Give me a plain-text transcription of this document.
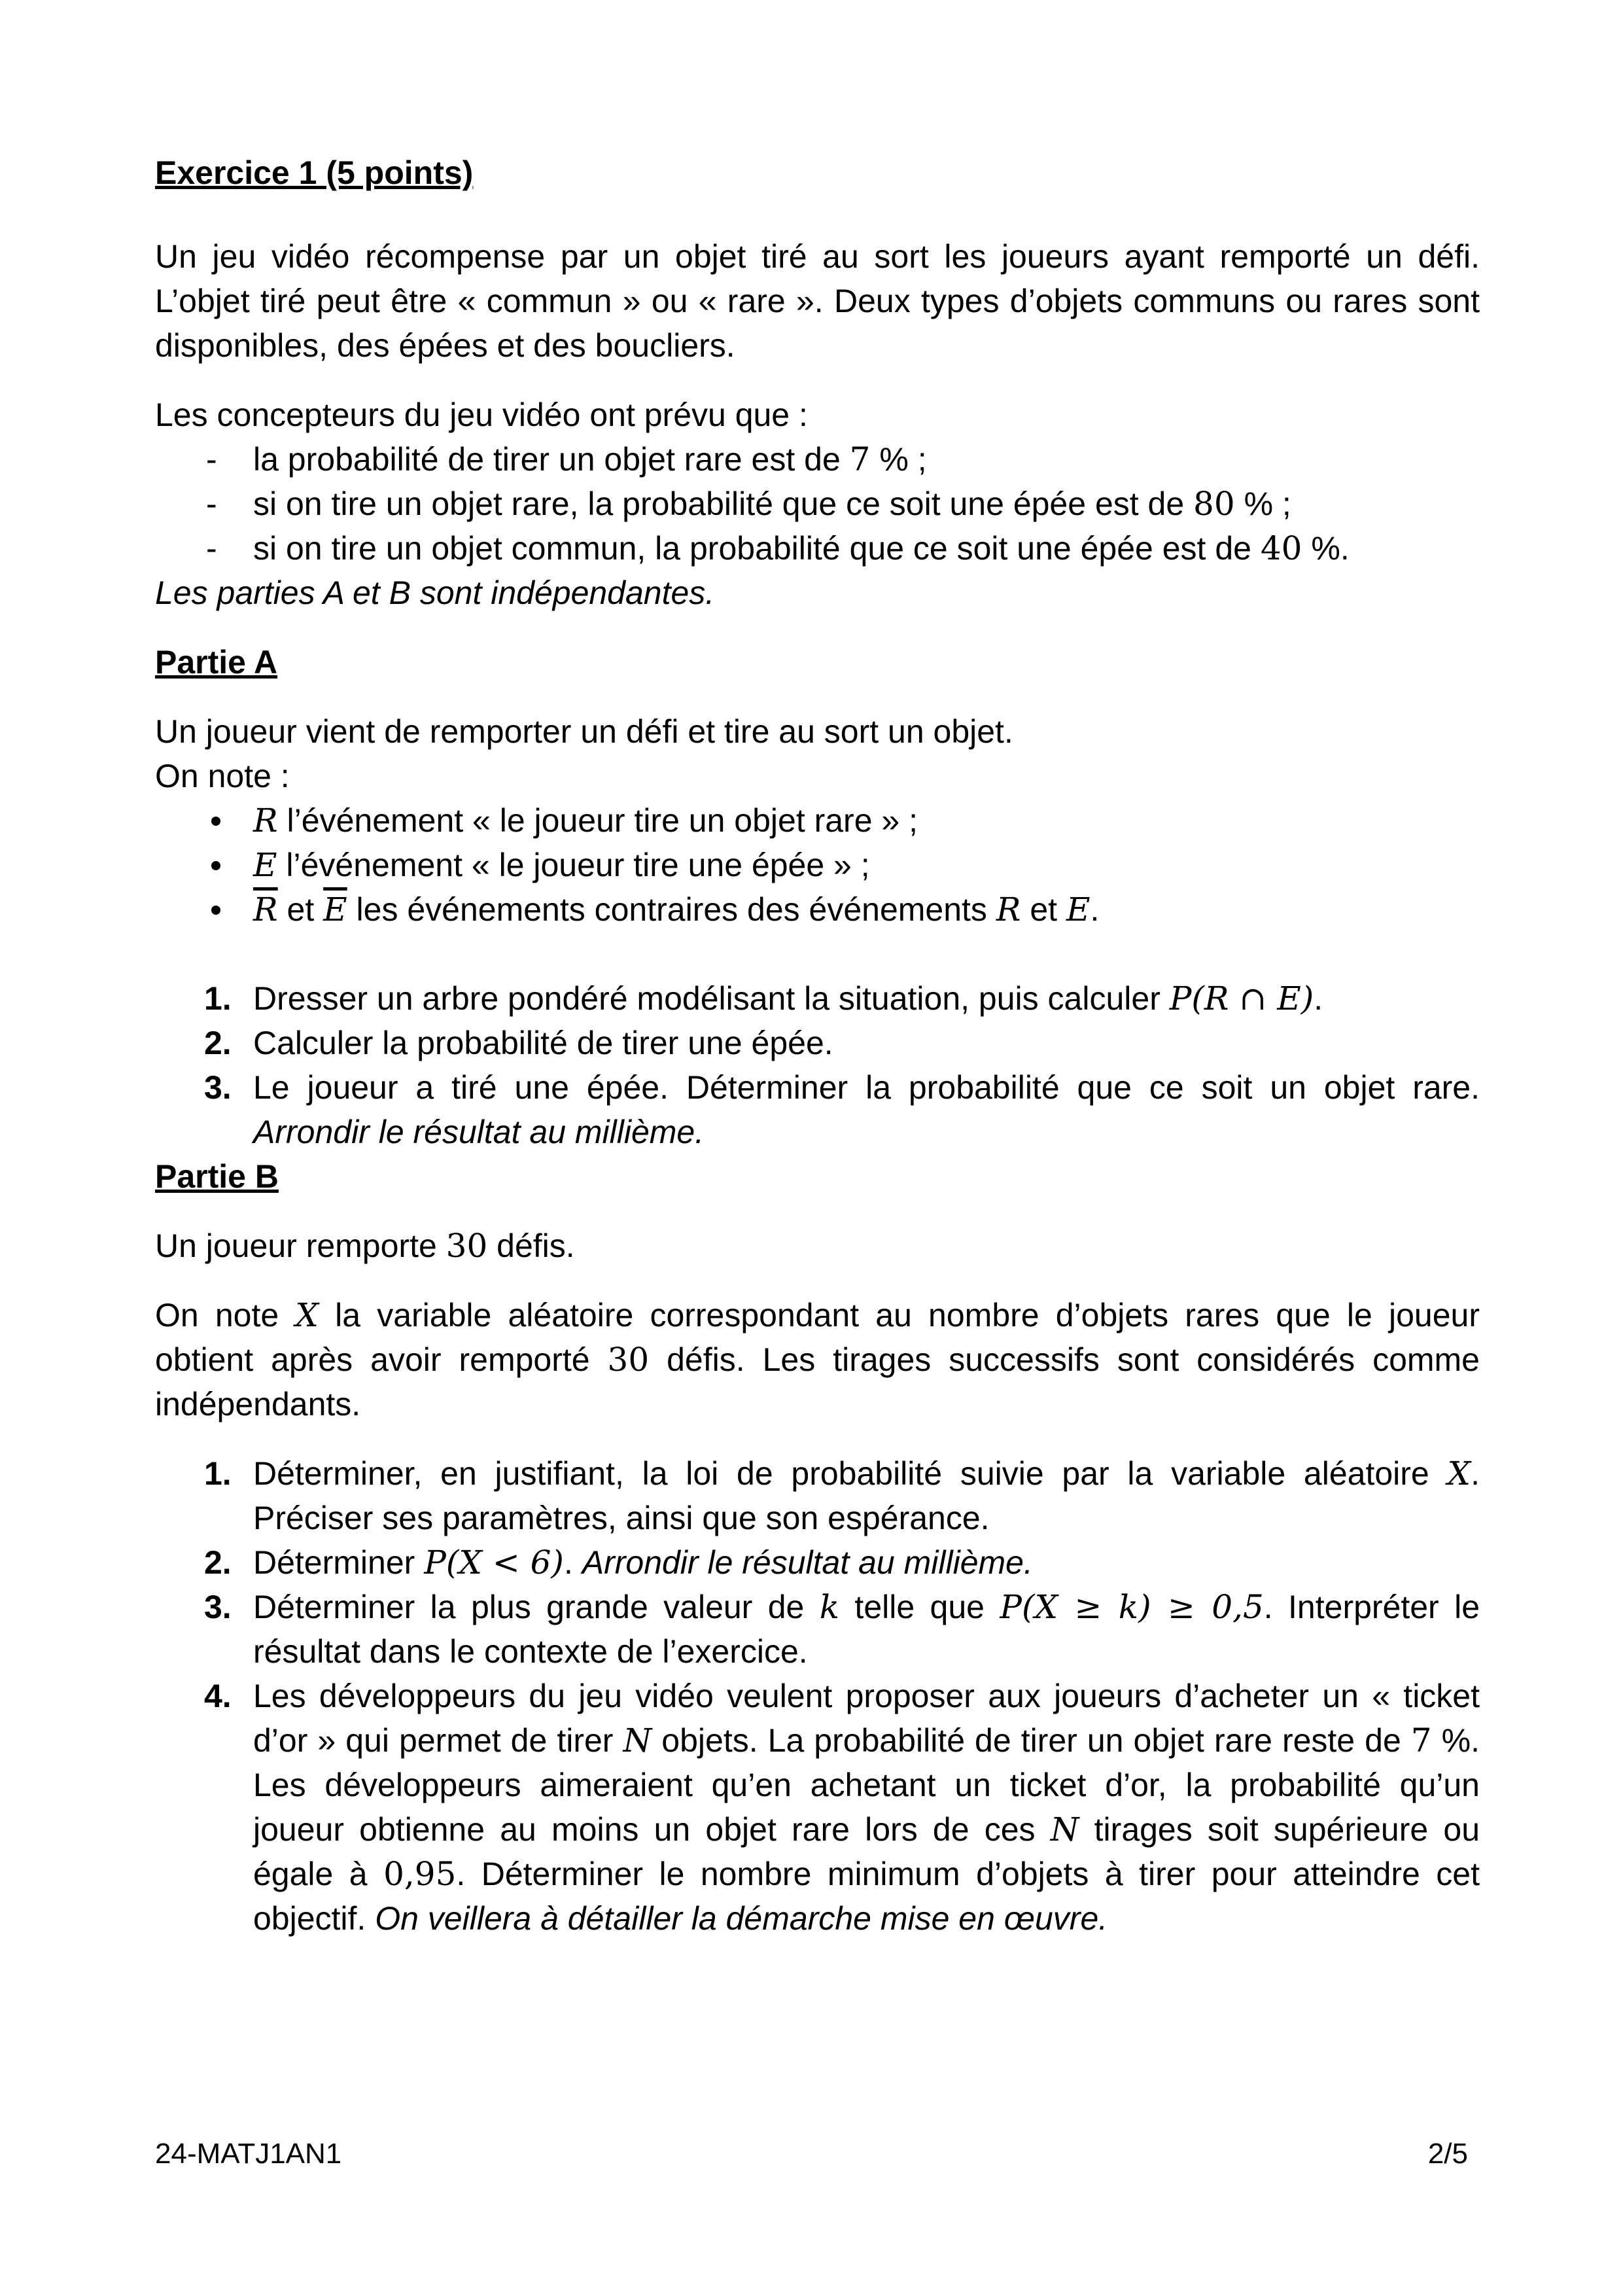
Exercice 1 (5 points)

Un jeu vidéo récompense par un objet tiré au sort les joueurs ayant remporté un défi. L’objet tiré peut être « commun » ou « rare ». Deux types d’objets communs ou rares sont disponibles, des épées et des boucliers.

Les concepteurs du jeu vidéo ont prévu que :

- la probabilité de tirer un objet rare est de 7 % ;
- si on tire un objet rare, la probabilité que ce soit une épée est de 80 % ;
- si on tire un objet commun, la probabilité que ce soit une épée est de 40 %.

Les parties A et B sont indépendantes.

Partie A

Un joueur vient de remporter un défi et tire au sort un objet.

On note :

R l’événement « le joueur tire un objet rare » ;
E l’événement « le joueur tire une épée » ;
$\overline{R}$ et $\overline{E}$ les événements contraires des événements R et E.
1. Dresser un arbre pondéré modélisant la situation, puis calculer P(R ∩ E).
2. Calculer la probabilité de tirer une épée.
3. Le joueur a tiré une épée. Déterminer la probabilité que ce soit un objet rare. Arrondir le résultat au millième.
Partie B

Un joueur remporte 30 défis.

On note X la variable aléatoire correspondant au nombre d’objets rares que le joueur obtient après avoir remporté 30 défis. Les tirages successifs sont considérés comme indépendants.

1. Déterminer, en justifiant, la loi de probabilité suivie par la variable aléatoire X. Préciser ses paramètres, ainsi que son espérance.
2. Déterminer P(X < 6). Arrondir le résultat au millième.
3. Déterminer la plus grande valeur de k telle que P(X ≥ k) ≥ 0,5. Interpréter le résultat dans le contexte de l’exercice.
4. Les développeurs du jeu vidéo veulent proposer aux joueurs d’acheter un « ticket d’or » qui permet de tirer N objets. La probabilité de tirer un objet rare reste de 7 %. Les développeurs aimeraient qu’en achetant un ticket d’or, la probabilité qu’un joueur obtienne au moins un objet rare lors de ces N tirages soit supérieure ou égale à 0,95. Déterminer le nombre minimum d’objets à tirer pour atteindre cet objectif. On veillera à détailler la démarche mise en œuvre.
24-MATJ1AN1	2/5
